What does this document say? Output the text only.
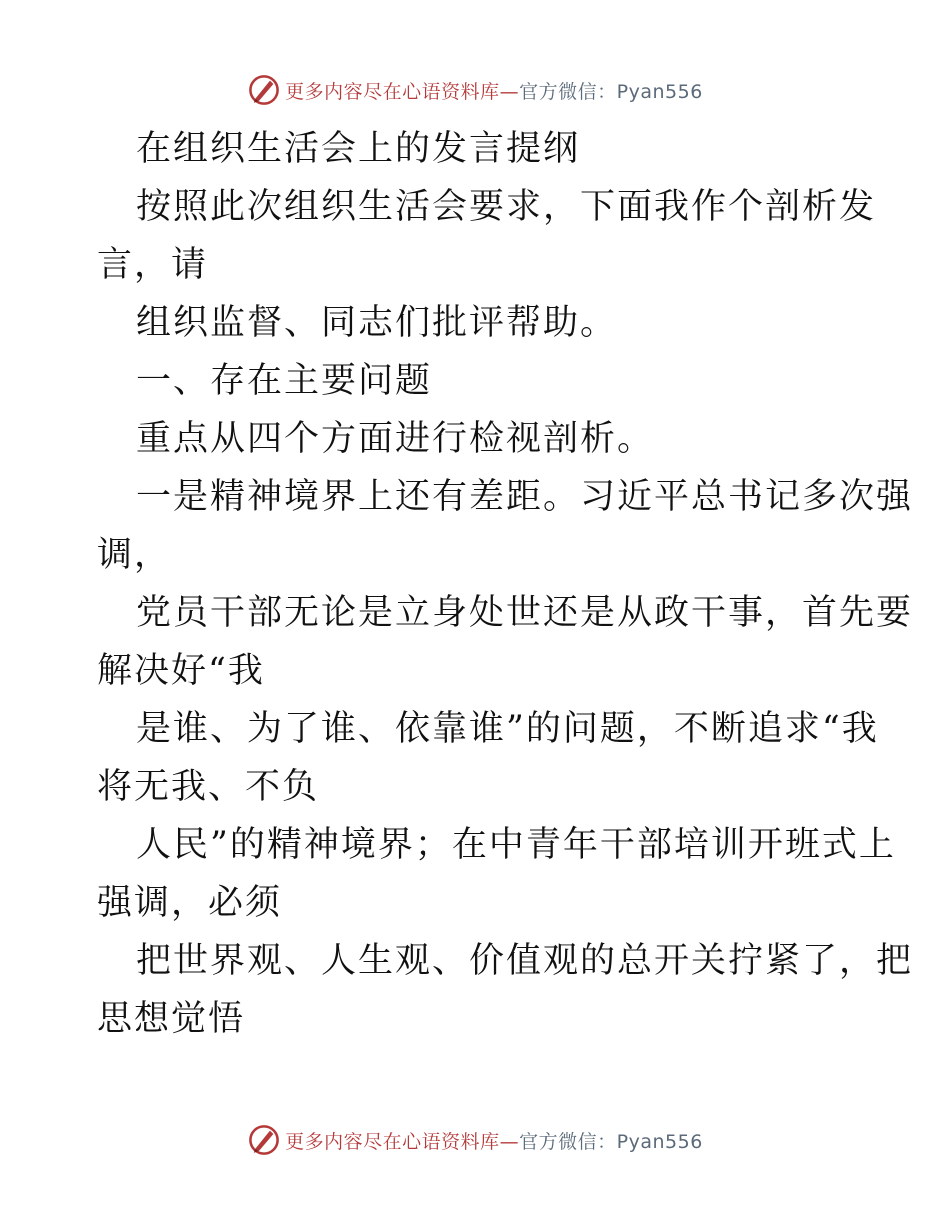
更多内容尽在心语资料库—官方微信：Pyan556
在组织生活会上的发言提纲
按照此次组织生活会要求，下面我作个剖析发
言，请
组织监督、同志们批评帮助。
一、存在主要问题
重点从四个方面进行检视剖析。
一是精神境界上还有差距。习近平总书记多次强
调，
党员干部无论是立身处世还是从政干事，首先要
解决好“我
是谁、为了谁、依靠谁”的问题，不断追求“我
将无我、不负
人民”的精神境界；在中青年干部培训开班式上
强调，必须
把世界观、人生观、价值观的总开关拧紧了，把
思想觉悟
更多内容尽在心语资料库—官方微信：Pyan556
